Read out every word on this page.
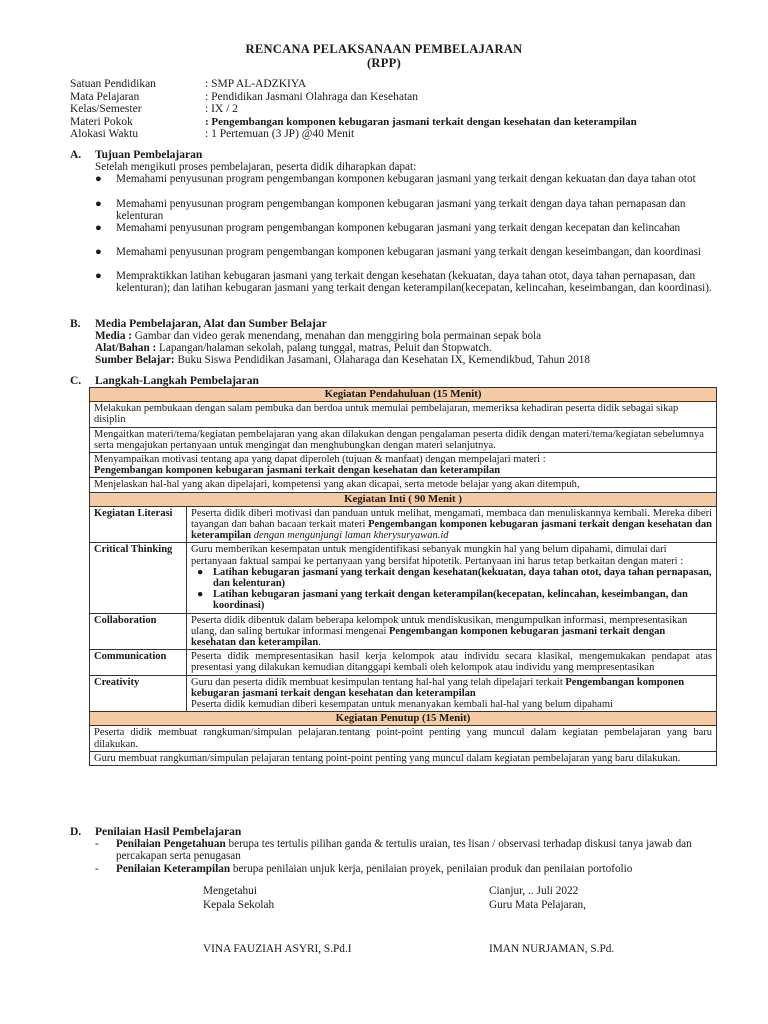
RENCANA PELAKSANAAN PEMBELAJARAN
(RPP)
Satuan Pendidikan	: SMP AL-ADZKIYA
Mata Pelajaran	: Pendidikan Jasmani Olahraga dan Kesehatan
Kelas/Semester	: IX / 2
Materi Pokok	: Pengembangan komponen kebugaran jasmani terkait dengan kesehatan dan keterampilan
Alokasi Waktu	: 1 Pertemuan (3 JP) @40 Menit
A. Tujuan Pembelajaran
Setelah mengikuti proses pembelajaran, peserta didik diharapkan dapat:
● Memahami penyusunan program pengembangan komponen kebugaran jasmani yang terkait dengan kekuatan dan daya tahan otot
● Memahami penyusunan program pengembangan komponen kebugaran jasmani yang terkait dengan daya tahan pernapasan dan kelenturan
● Memahami penyusunan program pengembangan komponen kebugaran jasmani yang terkait dengan kecepatan dan kelincahan
● Memahami penyusunan program pengembangan komponen kebugaran jasmani yang terkait dengan keseimbangan, dan koordinasi
● Mempraktikkan latihan kebugaran jasmani yang terkait dengan kesehatan (kekuatan, daya tahan otot, daya tahan pernapasan, dan kelenturan); dan latihan kebugaran jasmani yang terkait dengan keterampilan(kecepatan, kelincahan, keseimbangan, dan koordinasi).
B. Media Pembelajaran, Alat dan Sumber Belajar
Media : Gambar dan video gerak menendang, menahan dan menggiring bola permainan sepak bola
Alat/Bahan : Lapangan/halaman sekolah, palang tunggal, matras, Peluit dan Stopwatch.
Sumber Belajar: Buku Siswa Pendidikan Jasamani, Olaharaga dan Kesehatan IX, Kemendikbud, Tahun 2018
C. Langkah-Langkah Pembelajaran
Kegiatan Pendahuluan (15 Menit)	
Melakukan pembukaan dengan salam pembuka dan berdoa untuk memulai pembelajaran, memeriksa kehadiran peserta didik sebagai sikap disiplin	
Mengaitkan materi/tema/kegiatan pembelajaran yang akan dilakukan dengan pengalaman peserta didik dengan materi/tema/kegiatan sebelumnya serta mengajukan pertanyaan untuk mengingat dan menghubungkan dengan materi selanjutnya.	
Menyampaikan motivasi tentang apa yang dapat diperoleh (tujuan & manfaat) dengan mempelajari materi :
Pengembangan komponen kebugaran jasmani terkait dengan kesehatan dan keterampilan	
Menjelaskan hal-hal yang akan dipelajari, kompetensi yang akan dicapai, serta metode belajar yang akan ditempuh,	
Kegiatan Inti ( 90 Menit )	
Kegiatan Literasi	Peserta didik diberi motivasi dan panduan untuk melihat, mengamati, membaca dan menuliskannya kembali. Mereka diberi tayangan dan bahan bacaan terkait materi Pengembangan komponen kebugaran jasmani terkait dengan kesehatan dan keterampilan dengan mengunjungi laman kherysuryawan.id
Critical Thinking	Guru memberikan kesempatan untuk mengidentifikasi sebanyak mungkin hal yang belum dipahami, dimulai dari pertanyaan faktual sampai ke pertanyaan yang bersifat hipotetik. Pertanyaan ini harus tetap berkaitan dengan materi :
● Latihan kebugaran jasmani yang terkait dengan kesehatan(kekuatan, daya tahan otot, daya tahan pernapasan, dan kelenturan)
● Latihan kebugaran jasmani yang terkait dengan keterampilan(kecepatan, kelincahan, keseimbangan, dan koordinasi)

Collaboration	Peserta didik dibentuk dalam beberapa kelompok untuk mendiskusikan, mengumpulkan informasi, mempresentasikan ulang, dan saling bertukar informasi mengenai Pengembangan komponen kebugaran jasmani terkait dengan kesehatan dan keterampilan.
Communication	Peserta didik mempresentasikan hasil kerja kelompok atau individu secara klasikal, mengemukakan pendapat atas presentasi yang dilakukan kemudian ditanggapi kembali oleh kelompok atau individu yang mempresentasikan
Creativity	Guru dan peserta didik membuat kesimpulan tentang hal-hal yang telah dipelajari terkait Pengembangan komponen kebugaran jasmani terkait dengan kesehatan dan keterampilan
Peserta didik kemudian diberi kesempatan untuk menanyakan kembali hal-hal yang belum dipahami
Kegiatan Penutup (15 Menit)	
Peserta didik membuat rangkuman/simpulan pelajaran.tentang point-point penting yang muncul dalam kegiatan pembelajaran yang baru dilakukan.	
Guru membuat rangkuman/simpulan pelajaran tentang point-point penting yang muncul dalam kegiatan pembelajaran yang baru dilakukan.	
D. Penilaian Hasil Pembelajaran
- Penilaian Pengetahuan berupa tes tertulis pilihan ganda & tertulis uraian, tes lisan / observasi terhadap diskusi tanya jawab dan percakapan serta penugasan
- Penilaian Keterampilan berupa penilaian unjuk kerja, penilaian proyek, penilaian produk dan penilaian portofolio
Mengetahui
Kepala Sekolah
Cianjur, .. Juli 2022
Guru Mata Pelajaran,
VINA FAUZIAH ASYRI, S.Pd.I	IMAN NURJAMAN, S.Pd.
